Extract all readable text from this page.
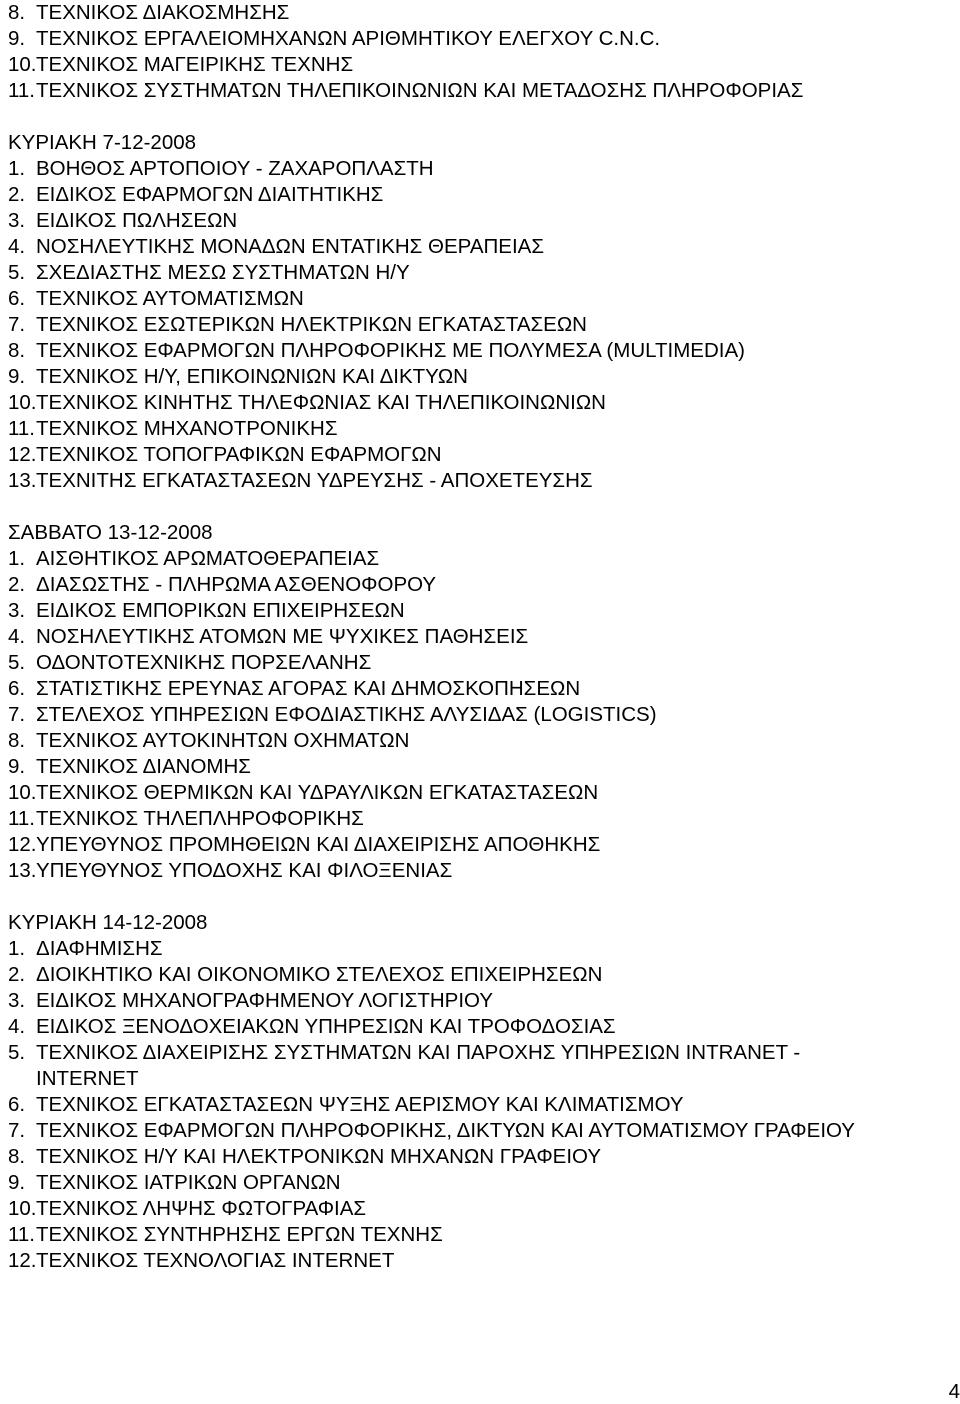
8. ΤΕΧΝΙΚΟΣ ΔΙΑΚΟΣΜΗΣΗΣ
9. ΤΕΧΝΙΚΟΣ ΕΡΓΑΛΕΙΟΜΗΧΑΝΩΝ ΑΡΙΘΜΗΤΙΚΟΥ ΕΛΕΓΧΟΥ C.N.C.
10. ΤΕΧΝΙΚΟΣ ΜΑΓΕΙΡΙΚΗΣ ΤΕΧΝΗΣ
11. ΤΕΧΝΙΚΟΣ ΣΥΣΤΗΜΑΤΩΝ ΤΗΛΕΠΙΚΟΙΝΩΝΙΩΝ ΚΑΙ ΜΕΤΑΔΟΣΗΣ ΠΛΗΡΟΦΟΡΙΑΣ
ΚΥΡΙΑΚΗ 7-12-2008
1. ΒΟΗΘΟΣ ΑΡΤΟΠΟΙΟΥ - ΖΑΧΑΡΟΠΛΑΣΤΗ
2. ΕΙΔΙΚΟΣ ΕΦΑΡΜΟΓΩΝ ΔΙΑΙΤΗΤΙΚΗΣ
3. ΕΙΔΙΚΟΣ ΠΩΛΗΣΕΩΝ
4. ΝΟΣΗΛΕΥΤΙΚΗΣ ΜΟΝΑΔΩΝ ΕΝΤΑΤΙΚΗΣ ΘΕΡΑΠΕΙΑΣ
5. ΣΧΕΔΙΑΣΤΗΣ ΜΕΣΩ ΣΥΣΤΗΜΑΤΩΝ Η/Υ
6. ΤΕΧΝΙΚΟΣ ΑΥΤΟΜΑΤΙΣΜΩΝ
7. ΤΕΧΝΙΚΟΣ ΕΣΩΤΕΡΙΚΩΝ ΗΛΕΚΤΡΙΚΩΝ ΕΓΚΑΤΑΣΤΑΣΕΩΝ
8. ΤΕΧΝΙΚΟΣ ΕΦΑΡΜΟΓΩΝ ΠΛΗΡΟΦΟΡΙΚΗΣ ΜΕ ΠΟΛΥΜΕΣΑ (MULTIMEDIA)
9. ΤΕΧΝΙΚΟΣ Η/Υ, ΕΠΙΚΟΙΝΩΝΙΩΝ ΚΑΙ ΔΙΚΤΥΩΝ
10. ΤΕΧΝΙΚΟΣ ΚΙΝΗΤΗΣ ΤΗΛΕΦΩΝΙΑΣ ΚΑΙ ΤΗΛΕΠΙΚΟΙΝΩΝΙΩΝ
11. ΤΕΧΝΙΚΟΣ ΜΗΧΑΝΟΤΡΟΝΙΚΗΣ
12. ΤΕΧΝΙΚΟΣ ΤΟΠΟΓΡΑΦΙΚΩΝ ΕΦΑΡΜΟΓΩΝ
13. ΤΕΧΝΙΤΗΣ ΕΓΚΑΤΑΣΤΑΣΕΩΝ ΥΔΡΕΥΣΗΣ - ΑΠΟΧΕΤΕΥΣΗΣ
ΣΑΒΒΑΤΟ 13-12-2008
1. ΑΙΣΘΗΤΙΚΟΣ ΑΡΩΜΑΤΟΘΕΡΑΠΕΙΑΣ
2. ΔΙΑΣΩΣΤΗΣ - ΠΛΗΡΩΜΑ ΑΣΘΕΝΟΦΟΡΟΥ
3. ΕΙΔΙΚΟΣ ΕΜΠΟΡΙΚΩΝ ΕΠΙΧΕΙΡΗΣΕΩΝ
4. ΝΟΣΗΛΕΥΤΙΚΗΣ ΑΤΟΜΩΝ ΜΕ ΨΥΧΙΚΕΣ ΠΑΘΗΣΕΙΣ
5. ΟΔΟΝΤΟΤΕΧΝΙΚΗΣ ΠΟΡΣΕΛΑΝΗΣ
6. ΣΤΑΤΙΣΤΙΚΗΣ ΕΡΕΥΝΑΣ ΑΓΟΡΑΣ ΚΑΙ ΔΗΜΟΣΚΟΠΗΣΕΩΝ
7. ΣΤΕΛΕΧΟΣ ΥΠΗΡΕΣΙΩΝ ΕΦΟΔΙΑΣΤΙΚΗΣ ΑΛΥΣΙΔΑΣ (LOGISTICS)
8. ΤΕΧΝΙΚΟΣ ΑΥΤΟΚΙΝΗΤΩΝ ΟΧΗΜΑΤΩΝ
9. ΤΕΧΝΙΚΟΣ ΔΙΑΝΟΜΗΣ
10. ΤΕΧΝΙΚΟΣ ΘΕΡΜΙΚΩΝ ΚΑΙ ΥΔΡΑΥΛΙΚΩΝ ΕΓΚΑΤΑΣΤΑΣΕΩΝ
11. ΤΕΧΝΙΚΟΣ ΤΗΛΕΠΛΗΡΟΦΟΡΙΚΗΣ
12. ΥΠΕΥΘΥΝΟΣ ΠΡΟΜΗΘΕΙΩΝ ΚΑΙ ΔΙΑΧΕΙΡΙΣΗΣ ΑΠΟΘΗΚΗΣ
13. ΥΠΕΥΘΥΝΟΣ ΥΠΟΔΟΧΗΣ ΚΑΙ ΦΙΛΟΞΕΝΙΑΣ
ΚΥΡΙΑΚΗ 14-12-2008
1. ΔΙΑΦΗΜΙΣΗΣ
2. ΔΙΟΙΚΗΤΙΚΟ ΚΑΙ ΟΙΚΟΝΟΜΙΚΟ ΣΤΕΛΕΧΟΣ ΕΠΙΧΕΙΡΗΣΕΩΝ
3. ΕΙΔΙΚΟΣ ΜΗΧΑΝΟΓΡΑΦΗΜΕΝΟΥ ΛΟΓΙΣΤΗΡΙΟΥ
4. ΕΙΔΙΚΟΣ ΞΕΝΟΔΟΧΕΙΑΚΩΝ ΥΠΗΡΕΣΙΩΝ ΚΑΙ ΤΡΟΦΟΔΟΣΙΑΣ
5. ΤΕΧΝΙΚΟΣ ΔΙΑΧΕΙΡΙΣΗΣ ΣΥΣΤΗΜΑΤΩΝ ΚΑΙ ΠΑΡΟΧΗΣ ΥΠΗΡΕΣΙΩΝ INTRANET -
INTERNET
6. ΤΕΧΝΙΚΟΣ ΕΓΚΑΤΑΣΤΑΣΕΩΝ ΨΥΞΗΣ ΑΕΡΙΣΜΟΥ ΚΑΙ ΚΛΙΜΑΤΙΣΜΟΥ
7. ΤΕΧΝΙΚΟΣ ΕΦΑΡΜΟΓΩΝ ΠΛΗΡΟΦΟΡΙΚΗΣ, ΔΙΚΤΥΩΝ ΚΑΙ ΑΥΤΟΜΑΤΙΣΜΟΥ ΓΡΑΦΕΙΟΥ
8. ΤΕΧΝΙΚΟΣ Η/Υ ΚΑΙ ΗΛΕΚΤΡΟΝΙΚΩΝ ΜΗΧΑΝΩΝ ΓΡΑΦΕΙΟΥ
9. ΤΕΧΝΙΚΟΣ ΙΑΤΡΙΚΩΝ ΟΡΓΑΝΩΝ
10. ΤΕΧΝΙΚΟΣ ΛΗΨΗΣ ΦΩΤΟΓΡΑΦΙΑΣ
11. ΤΕΧΝΙΚΟΣ ΣΥΝΤΗΡΗΣΗΣ ΕΡΓΩΝ ΤΕΧΝΗΣ
12. ΤΕΧΝΙΚΟΣ ΤΕΧΝΟΛΟΓΙΑΣ INTERNET
4
